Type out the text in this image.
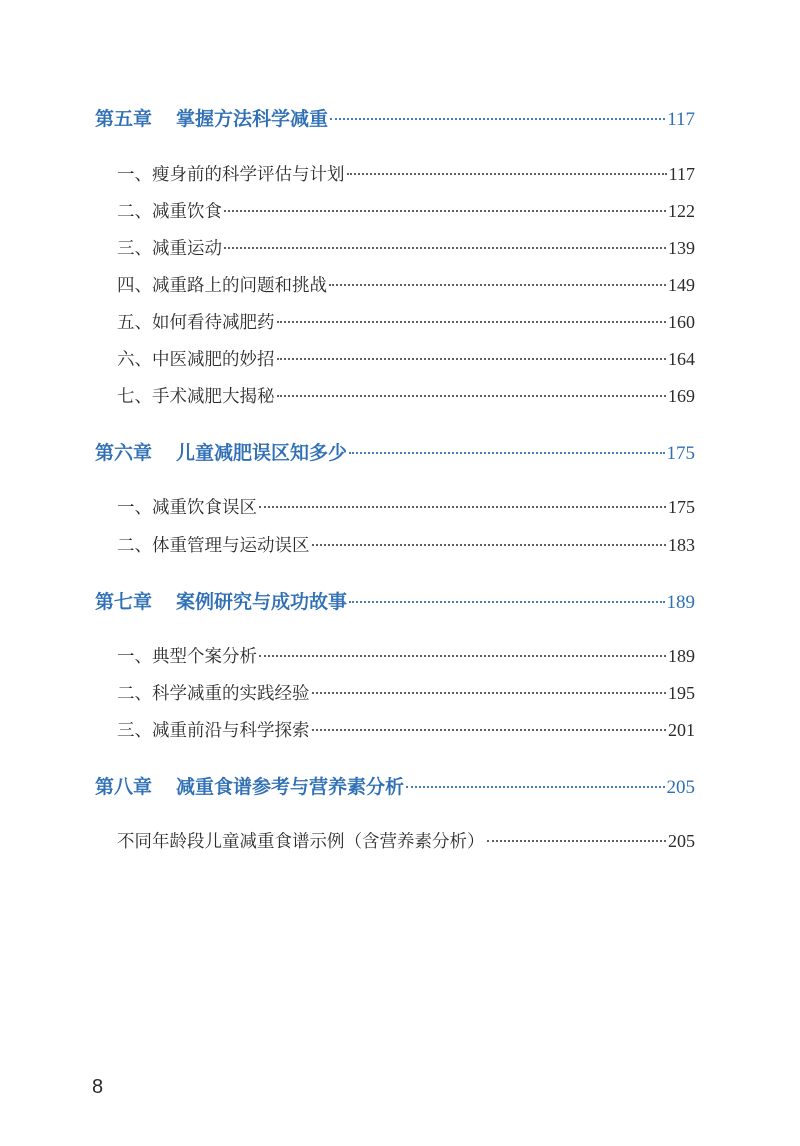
第五章 掌握方法科学减重	117
一、瘦身前的科学评估与计划	117
二、减重饮食	122
三、减重运动	139
四、减重路上的问题和挑战	149
五、如何看待减肥药	160
六、中医减肥的妙招	164
七、手术减肥大揭秘	169
第六章 儿童减肥误区知多少	175
一、减重饮食误区	175
二、体重管理与运动误区	183
第七章 案例研究与成功故事	189
一、典型个案分析	189
二、科学减重的实践经验	195
三、减重前沿与科学探索	201
第八章 减重食谱参考与营养素分析	205
不同年龄段儿童减重食谱示例（含营养素分析）	205
8
